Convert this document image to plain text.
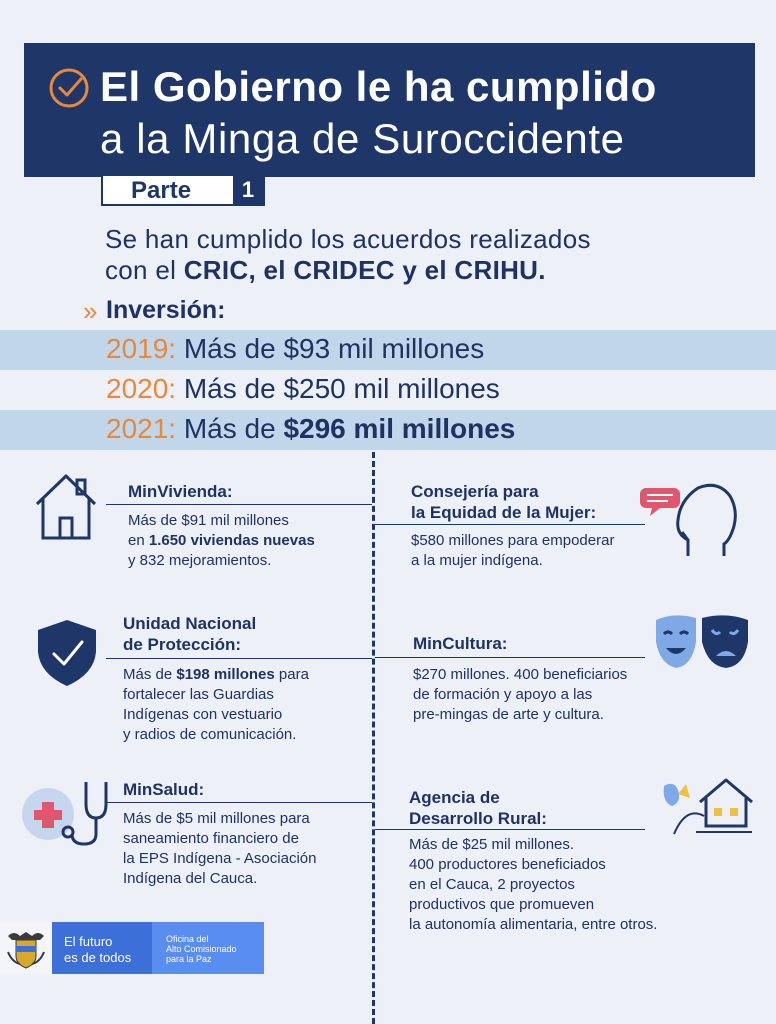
El Gobierno le ha cumplido
a la Minga de Suroccidente
Parte	1
Se han cumplido los acuerdos realizados
con el CRIC, el CRIDEC y el CRIHU.
» Inversión:
2019: Más de $93 mil millones
2020: Más de $250 mil millones
2021: Más de $296 mil millones
MinVivienda:
Más de $91 mil millones
en 1.650 viviendas nuevas
y 832 mejoramientos.
Consejería para
la Equidad de la Mujer:
$580 millones para empoderar
a la mujer indígena.
Unidad Nacional
de Protección:
Más de $198 millones para
fortalecer las Guardias
Indígenas con vestuario
y radios de comunicación.
MinCultura:
$270 millones. 400 beneficiarios
de formación y apoyo a las
pre-mingas de arte y cultura.
MinSalud:
Más de $5 mil millones para
saneamiento financiero de
la EPS Indígena - Asociación
Indígena del Cauca.
Agencia de
Desarrollo Rural:
Más de $25 mil millones.
400 productores beneficiados
en el Cauca, 2 proyectos
productivos que promueven
la autonomía alimentaria, entre otros.
El futuro
es de todos
Oficina del
Alto Comisionado
para la Paz
